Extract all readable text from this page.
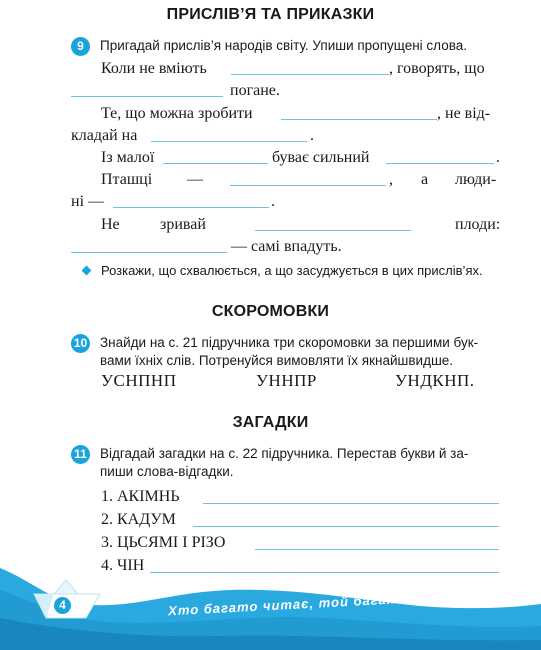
ПРИСЛІВ’Я ТА ПРИКАЗКИ
9	Пригадай прислів’я народів світу. Упиши пропущені слова.
Коли не вміють	, говорять, що
погане.
Те, що можна зробити	, не від-
кладай на	.
Із малої	буває сильний	.
Пташці —	, а люди-
ні —	.
Не	зривай	плоди:
— самі впадуть.
Розкажи, що схвалюється, а що засуджується в цих прислів’ях.
СКОРОМОВКИ
10 Знайди на с. 21 підручника три скоромовки за першими бук-
вами їхніх слів. Потренуйся вимовляти їх якнайшвидше.
УСНПНП	УННПР	УНДКНП.
ЗАГАДКИ
11 Відгадай загадки на с. 22 підручника. Перестав букви й за-
пиши слова-відгадки.
1. АКІМНЬ
2. КАДУМ
3. ЦЬСЯМІ І РІЗО
4. ЧІН
4	Хто багато читає, той багато знає.
